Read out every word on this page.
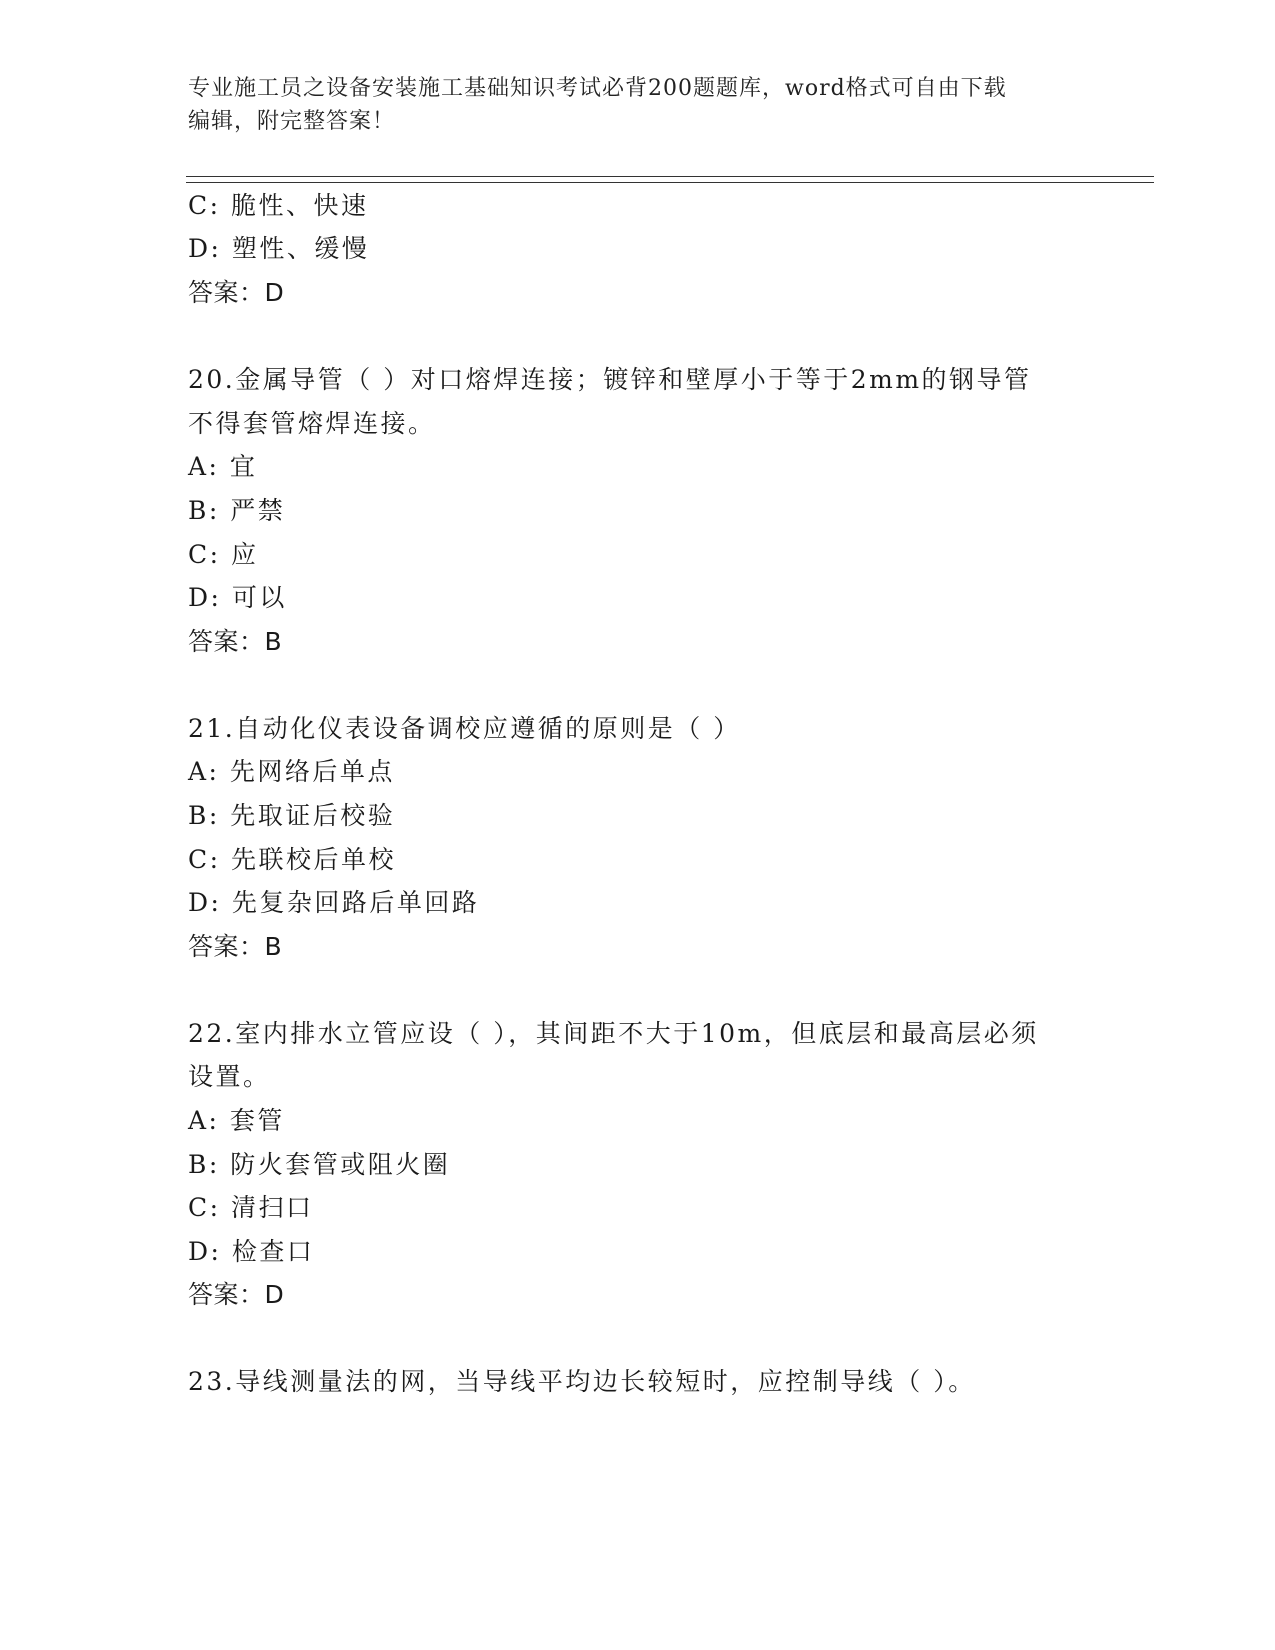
专业施工员之设备安装施工基础知识考试必背200题题库，word格式可自由下载
编辑，附完整答案！
C: 脆性、快速
D: 塑性、缓慢
答案：D
20.金属导管（ ）对口熔焊连接；镀锌和壁厚小于等于2mm的钢导管
不得套管熔焊连接。
A: 宜
B: 严禁
C: 应
D: 可以
答案：B
21.自动化仪表设备调校应遵循的原则是（ ）
A: 先网络后单点
B: 先取证后校验
C: 先联校后单校
D: 先复杂回路后单回路
答案：B
22.室内排水立管应设（ ），其间距不大于10m，但底层和最高层必须
设置。
A: 套管
B: 防火套管或阻火圈
C: 清扫口
D: 检查口
答案：D
23.导线测量法的网，当导线平均边长较短时，应控制导线（ ）。
